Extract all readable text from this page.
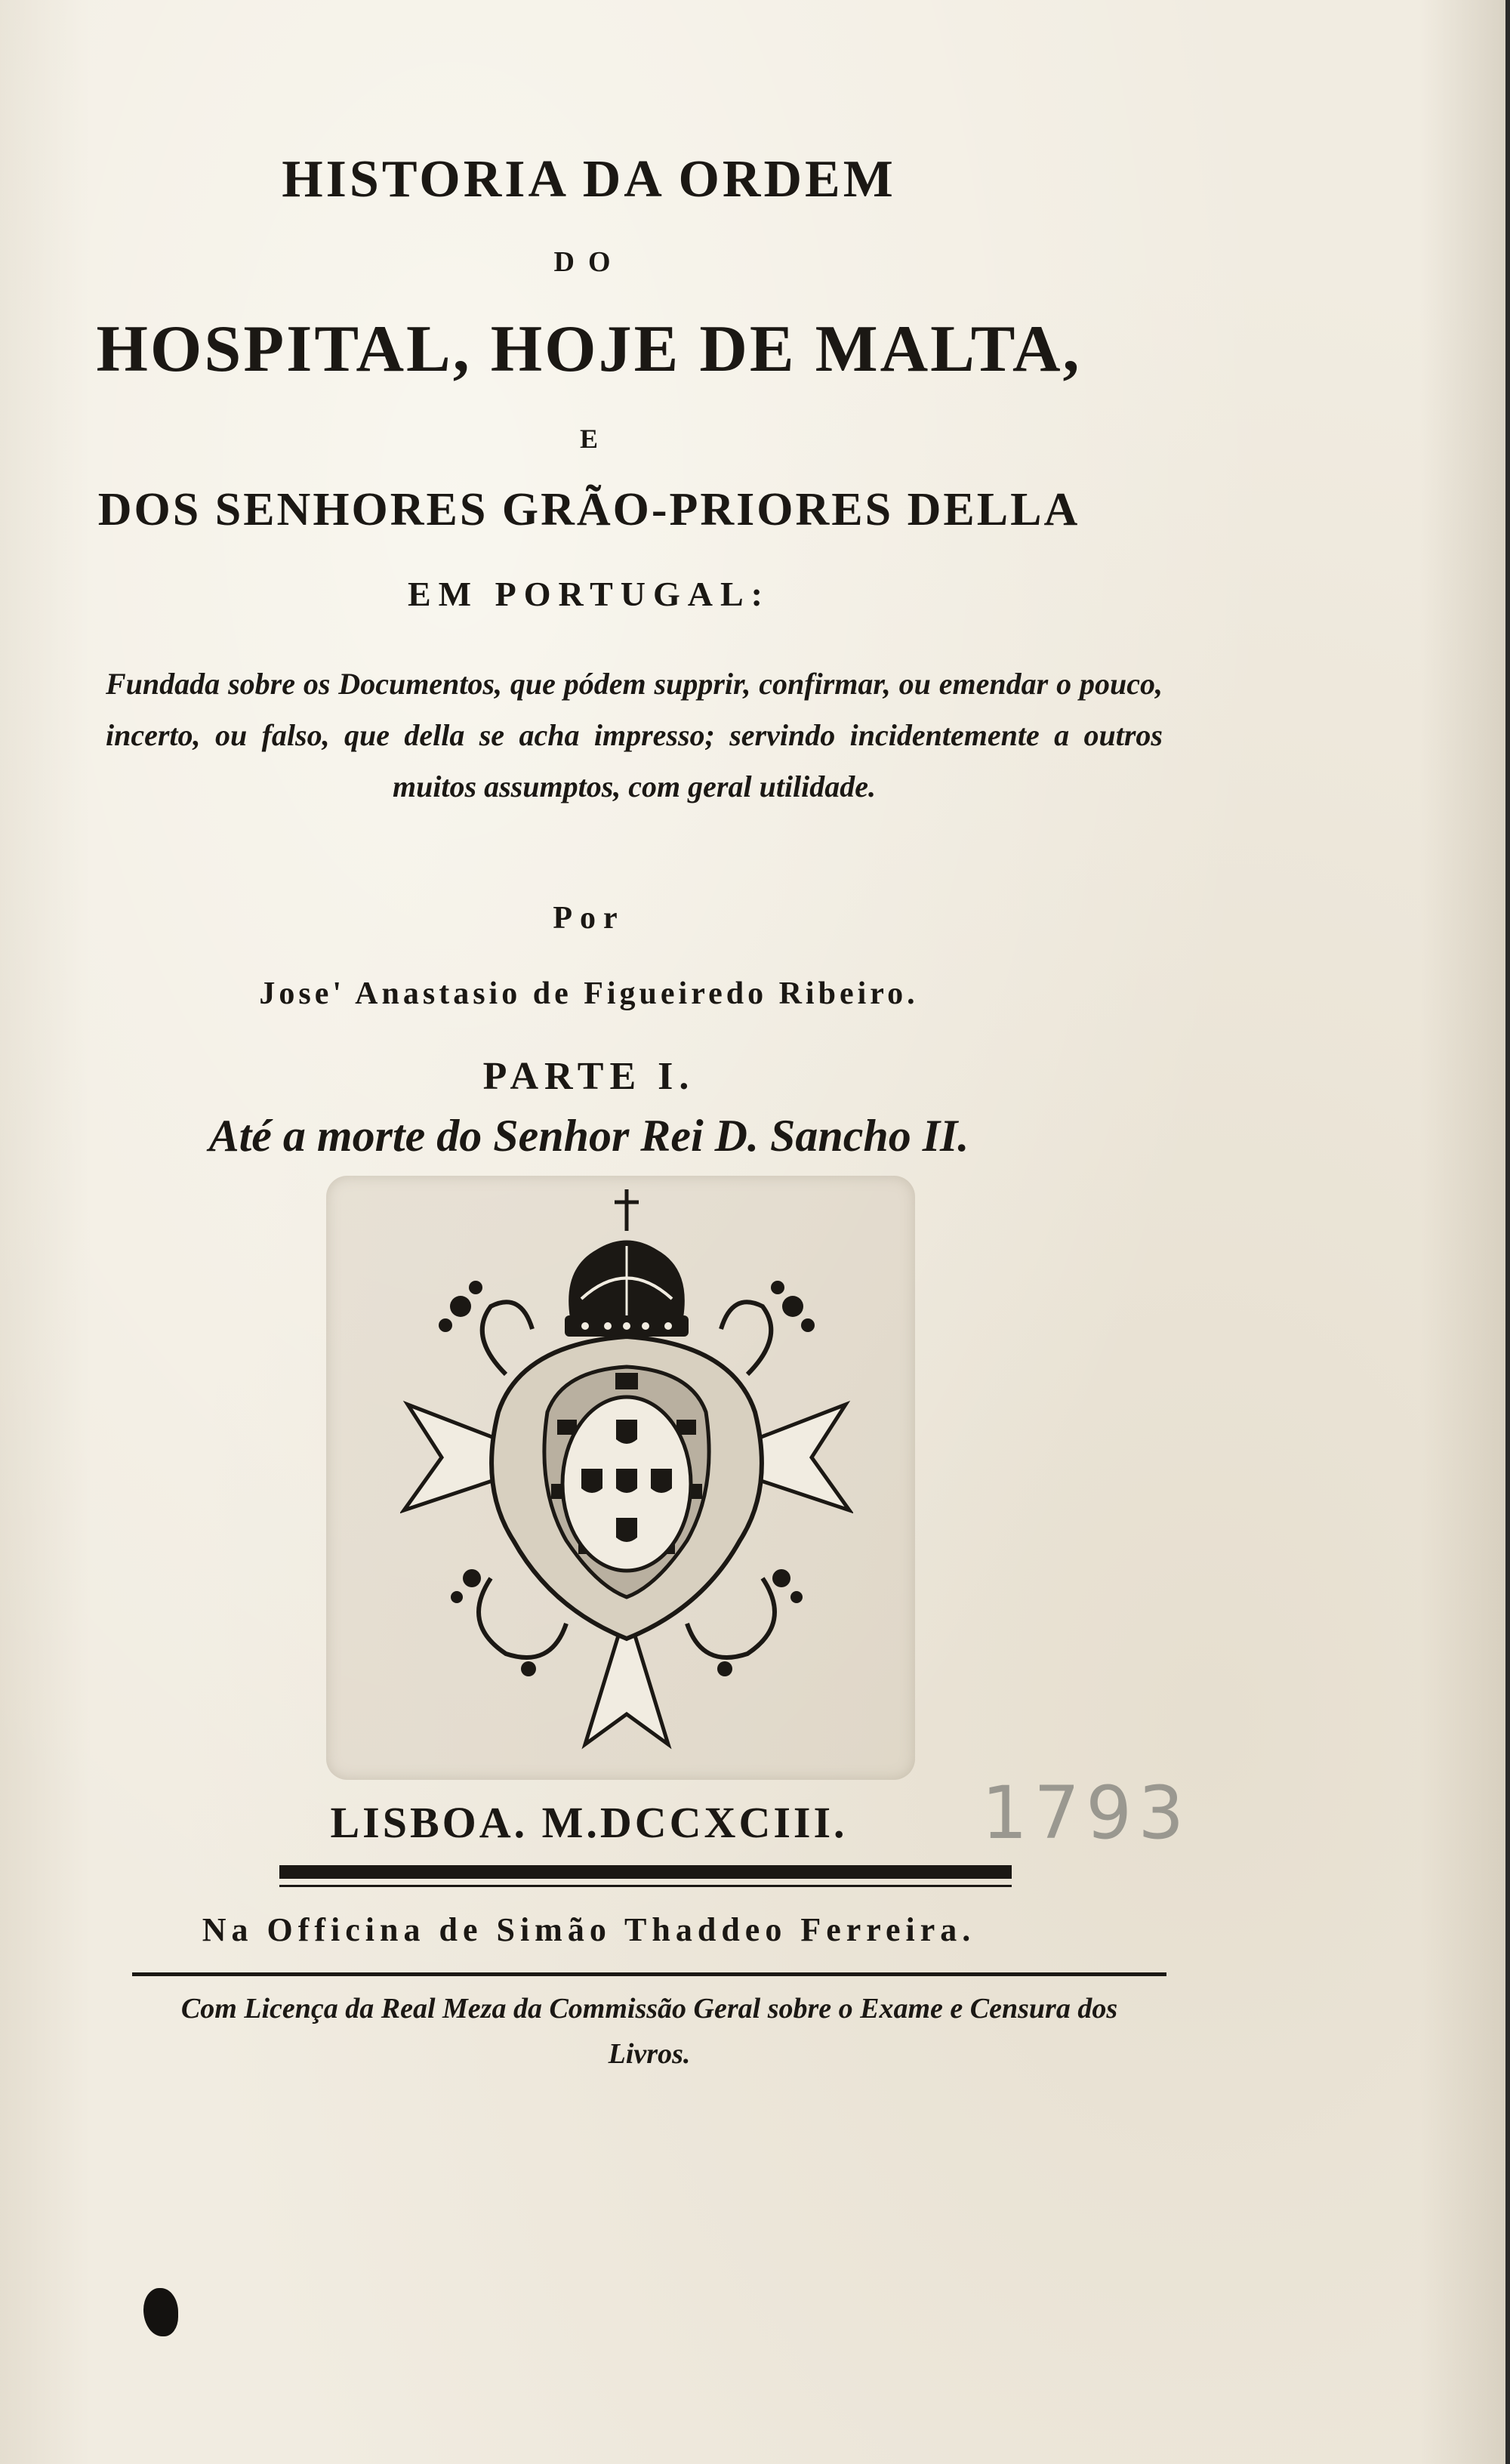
HISTORIA DA ORDEM
DO
HOSPITAL, HOJE DE MALTA,
E
DOS SENHORES GRÃO-PRIORES DELLA
EM PORTUGAL:
Fundada sobre os Documentos, que pódem supprir, confirmar, ou emendar o pouco, incerto, ou falso, que della se acha impresso; servindo incidentemente a outros muitos assumptos, com geral utilidade.
Por
Jose' Anastasio de Figueiredo Ribeiro.
PARTE I.
Até a morte do Senhor Rei D. Sancho II.
LISBOA. M.DCCXCIII.	1793
Na Officina de Simão Thaddeo Ferreira.
Com Licença da Real Meza da Commissão Geral sobre o Exame e Censura dos Livros.
